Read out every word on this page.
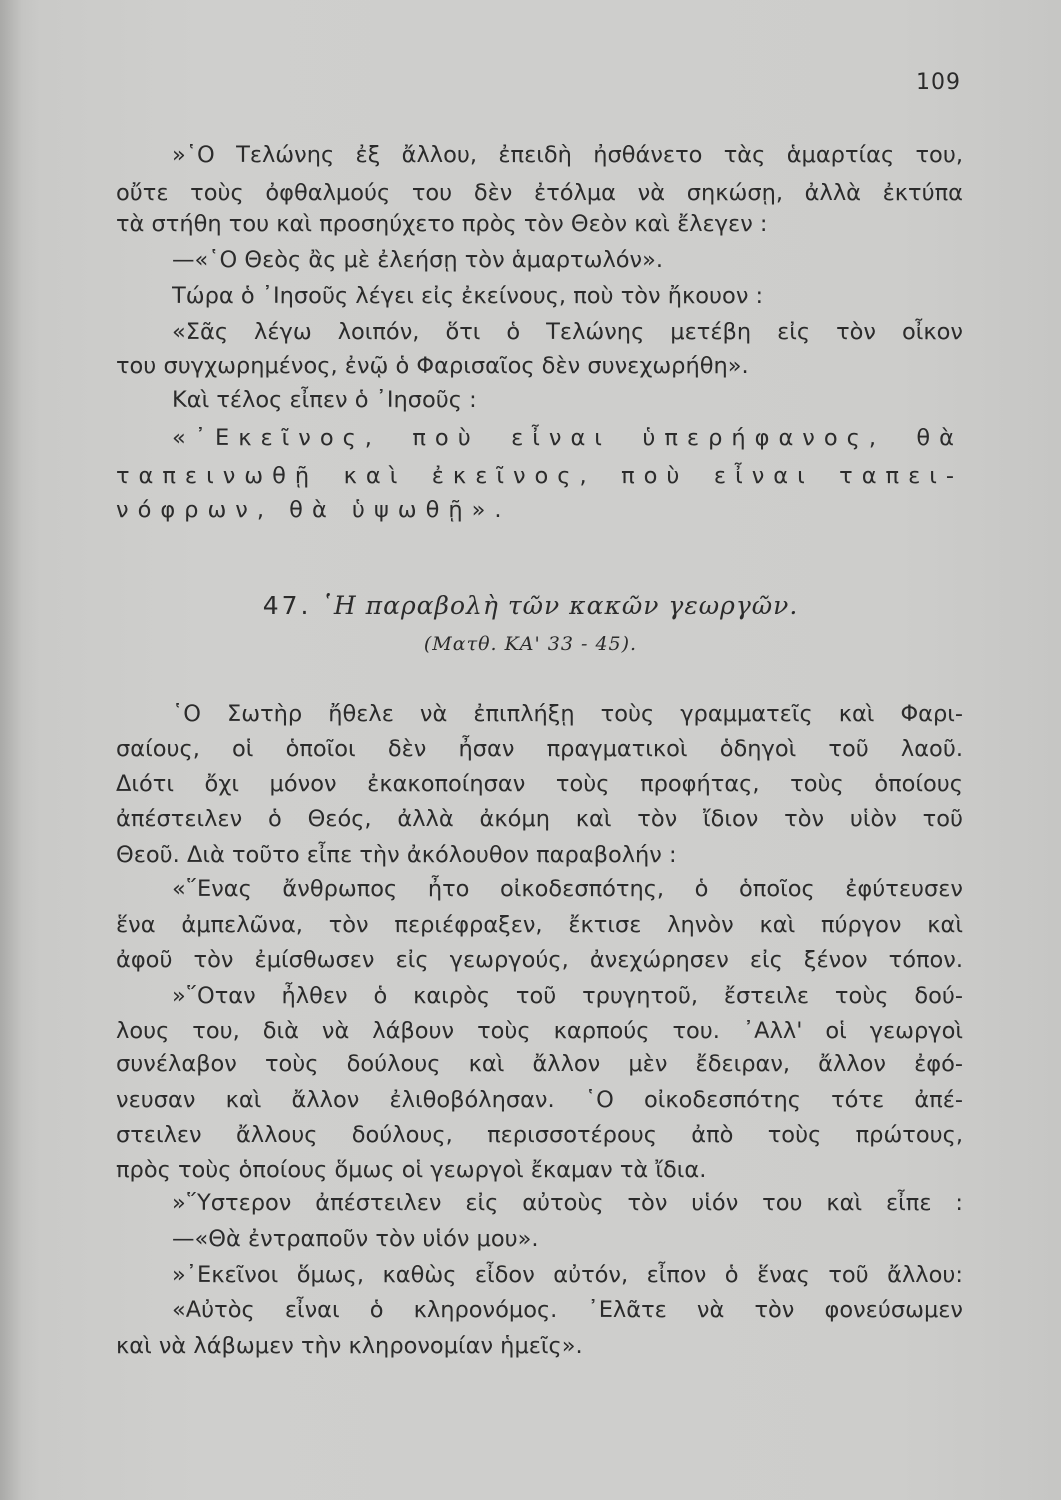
109
»῾Ο Τελώνης ἐξ ἄλλου, ἐπειδὴ ἠσθάνετο τὰς ἁμαρτίας του,
οὔτε τοὺς ὀφθαλμούς του δὲν ἐτόλμα νὰ σηκώσῃ, ἀλλὰ ἐκτύπα
τὰ στήθη του καὶ προσηύχετο πρὸς τὸν Θεὸν καὶ ἔλεγεν :
—«῾Ο Θεὸς ἂς μὲ ἐλεήσῃ τὸν ἁμαρτωλόν».
Τώρα ὁ ᾿Ιησοῦς λέγει εἰς ἐκείνους, ποὺ τὸν ἤκουον :
«Σᾶς λέγω λοιπόν, ὅτι ὁ Τελώνης μετέβη εἰς τὸν οἶκον
του συγχωρημένος, ἐνῷ ὁ Φαρισαῖος δὲν συνεχωρήθη».
Καὶ τέλος εἶπεν ὁ ᾿Ιησοῦς :
«᾿Εκεῖνος, ποὺ εἶναι ὑπερήφανος, θὰ
ταπεινωθῇ καὶ ἐκεῖνος, ποὺ εἶναι ταπει-
νόφρων, θὰ ὑψωθῇ».
47. ῾Η παραβολὴ τῶν κακῶν γεωργῶν.
(Ματθ. ΚΑ' 33 - 45).
῾Ο Σωτὴρ ἤθελε νὰ ἐπιπλήξῃ τοὺς γραμματεῖς καὶ Φαρι-
σαίους, οἱ ὁποῖοι δὲν ἦσαν πραγματικοὶ ὁδηγοὶ τοῦ λαοῦ.
Διότι ὄχι μόνον ἐκακοποίησαν τοὺς προφήτας, τοὺς ὁποίους
ἀπέστειλεν ὁ Θεός, ἀλλὰ ἀκόμη καὶ τὸν ἴδιον τὸν υἱὸν τοῦ
Θεοῦ. Διὰ τοῦτο εἶπε τὴν ἀκόλουθον παραβολήν :
«῞Ενας ἄνθρωπος ἦτο οἰκοδεσπότης, ὁ ὁποῖος ἐφύτευσεν
ἕνα ἀμπελῶνα, τὸν περιέφραξεν, ἔκτισε ληνὸν καὶ πύργον καὶ
ἀφοῦ τὸν ἐμίσθωσεν εἰς γεωργούς, ἀνεχώρησεν εἰς ξένον τόπον.
»῞Οταν ἦλθεν ὁ καιρὸς τοῦ τρυγητοῦ, ἔστειλε τοὺς δού-
λους του, διὰ νὰ λάβουν τοὺς καρπούς του. ᾿Αλλ' οἱ γεωργοὶ
συνέλαβον τοὺς δούλους καὶ ἄλλον μὲν ἔδειραν, ἄλλον ἐφό-
νευσαν καὶ ἄλλον ἐλιθοβόλησαν. ῾Ο οἰκοδεσπότης τότε ἀπέ-
στειλεν ἄλλους δούλους, περισσοτέρους ἀπὸ τοὺς πρώτους,
πρὸς τοὺς ὁποίους ὅμως οἱ γεωργοὶ ἔκαμαν τὰ ἴδια.
»῞Υστερον ἀπέστειλεν εἰς αὐτοὺς τὸν υἱόν του καὶ εἶπε :
—«Θὰ ἐντραποῦν τὸν υἱόν μου».
»᾿Εκεῖνοι ὅμως, καθὼς εἶδον αὐτόν, εἶπον ὁ ἕνας τοῦ ἄλλου:
«Αὐτὸς εἶναι ὁ κληρονόμος. ᾿Ελᾶτε νὰ τὸν φονεύσωμεν
καὶ νὰ λάβωμεν τὴν κληρονομίαν ἡμεῖς».
